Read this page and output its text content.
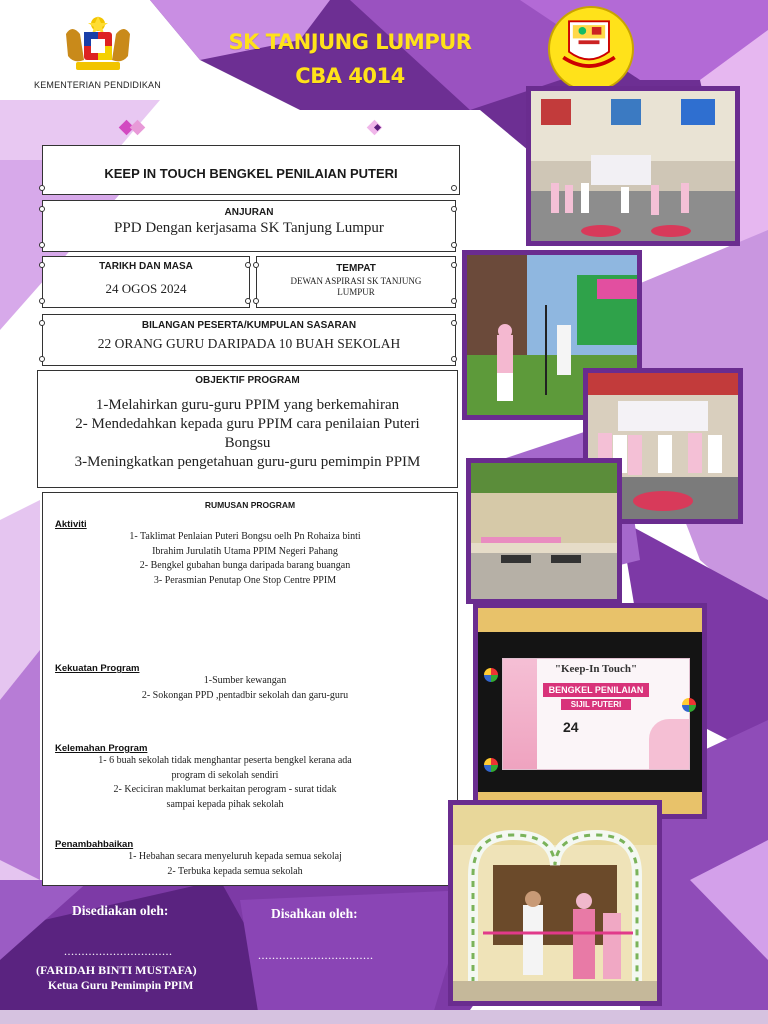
KEMENTERIAN PENDIDIKAN
SK TANJUNG LUMPUR
CBA 4014
KEEP IN TOUCH BENGKEL PENILAIAN PUTERI
ANJURAN
PPD Dengan kerjasama SK Tanjung Lumpur
TARIKH DAN MASA
24 OGOS 2024
TEMPAT
DEWAN ASPIRASI SK TANJUNG
LUMPUR
BILANGAN PESERTA/KUMPULAN SASARAN
22 ORANG GURU DARIPADA 10 BUAH SEKOLAH
OBJEKTIF PROGRAM
1-Melahirkan guru-guru PPIM yang berkemahiran
2- Mendedahkan kepada guru PPIM cara penilaian Puteri
Bongsu
3-Meningkatkan pengetahuan guru-guru pemimpin PPIM
RUMUSAN PROGRAM
Aktiviti
1- Taklimat Penlaian Puteri Bongsu oelh Pn Rohaiza binti
Ibrahim Jurulatih Utama PPIM Negeri Pahang
2- Bengkel gubahan bunga daripada barang buangan
3- Perasmian Penutap One Stop Centre PPIM
Kekuatan Program
1-Sumber kewangan
2- Sokongan PPD ,pentadbir sekolah dan garu-guru
Kelemahan Program
1- 6 buah sekolah tidak menghantar peserta bengkel kerana ada
program di sekolah sendiri
2- Keciciran maklumat berkaitan perogram - surat tidak
sampai kepada pihak sekolah
Penambahbaikan
1- Hebahan secara menyeluruh kepada semua sekolaj
2- Terbuka kepada semua sekolah
"Keep-In Touch"
BENGKEL PENILAIAN
SIJIL PUTERI
24
Disediakan oleh:	Disahkan oleh:
...............................	.................................
(FARIDAH BINTI MUSTAFA)
Ketua Guru Pemimpin PPIM
